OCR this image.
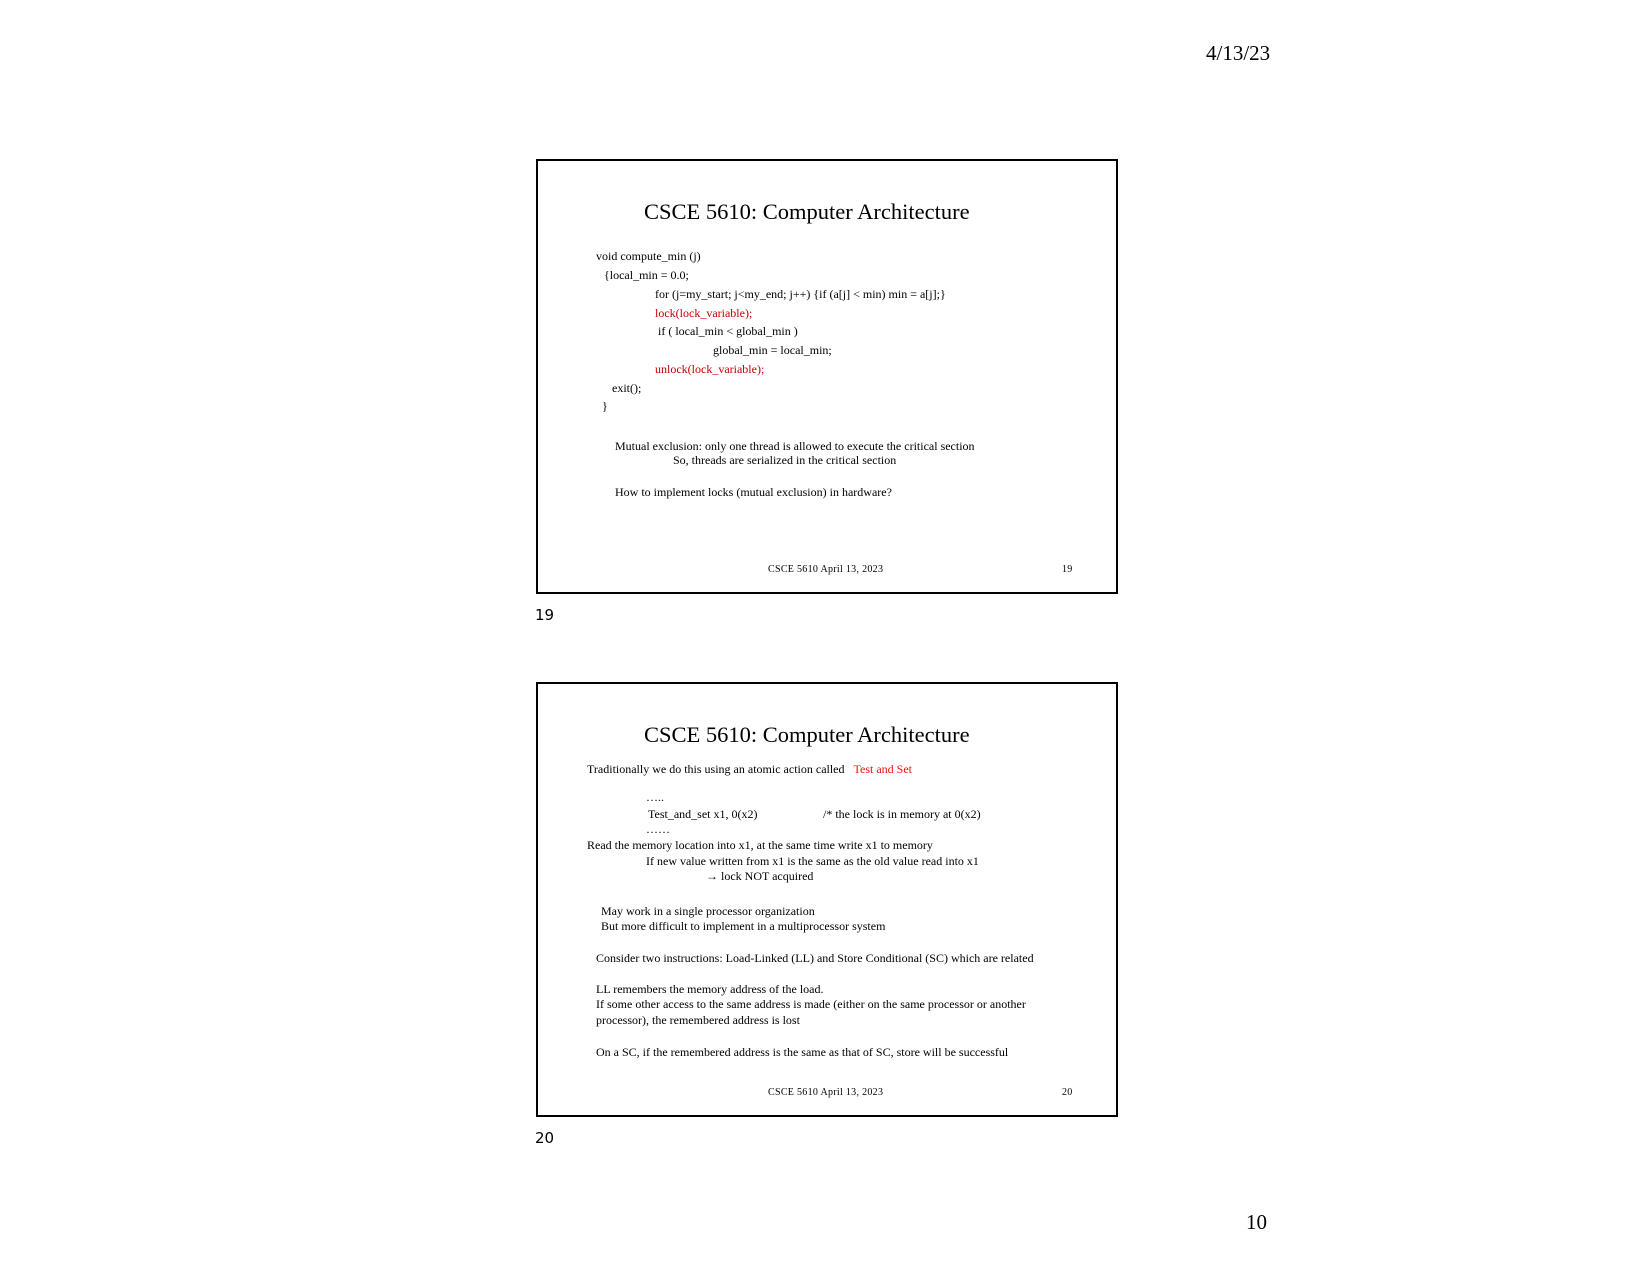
4/13/23
CSCE 5610: Computer Architecture
void compute_min (j)
{local_min = 0.0;
for (j=my_start; j<my_end; j++) {if (a[j] < min) min = a[j];}
lock(lock_variable);
if ( local_min < global_min )
global_min = local_min;
unlock(lock_variable);
exit();
}
Mutual exclusion: only one thread is allowed to execute the critical section
So, threads are serialized in the critical section
How to implement locks (mutual exclusion) in hardware?
CSCE 5610 April 13, 2023	19
19
CSCE 5610: Computer Architecture
Traditionally we do this using an atomic action called Test and Set
…..
Test_and_set x1, 0(x2)	/* the lock is in memory at 0(x2)
……
Read the memory location into x1, at the same time write x1 to memory
If new value written from x1 is the same as the old value read into x1
→ lock NOT acquired
May work in a single processor organization
But more difficult to implement in a multiprocessor system
Consider two instructions: Load-Linked (LL) and Store Conditional (SC) which are related
LL remembers the memory address of the load.
If some other access to the same address is made (either on the same processor or another
processor), the remembered address is lost
On a SC, if the remembered address is the same as that of SC, store will be successful
CSCE 5610 April 13, 2023	20
20
10
